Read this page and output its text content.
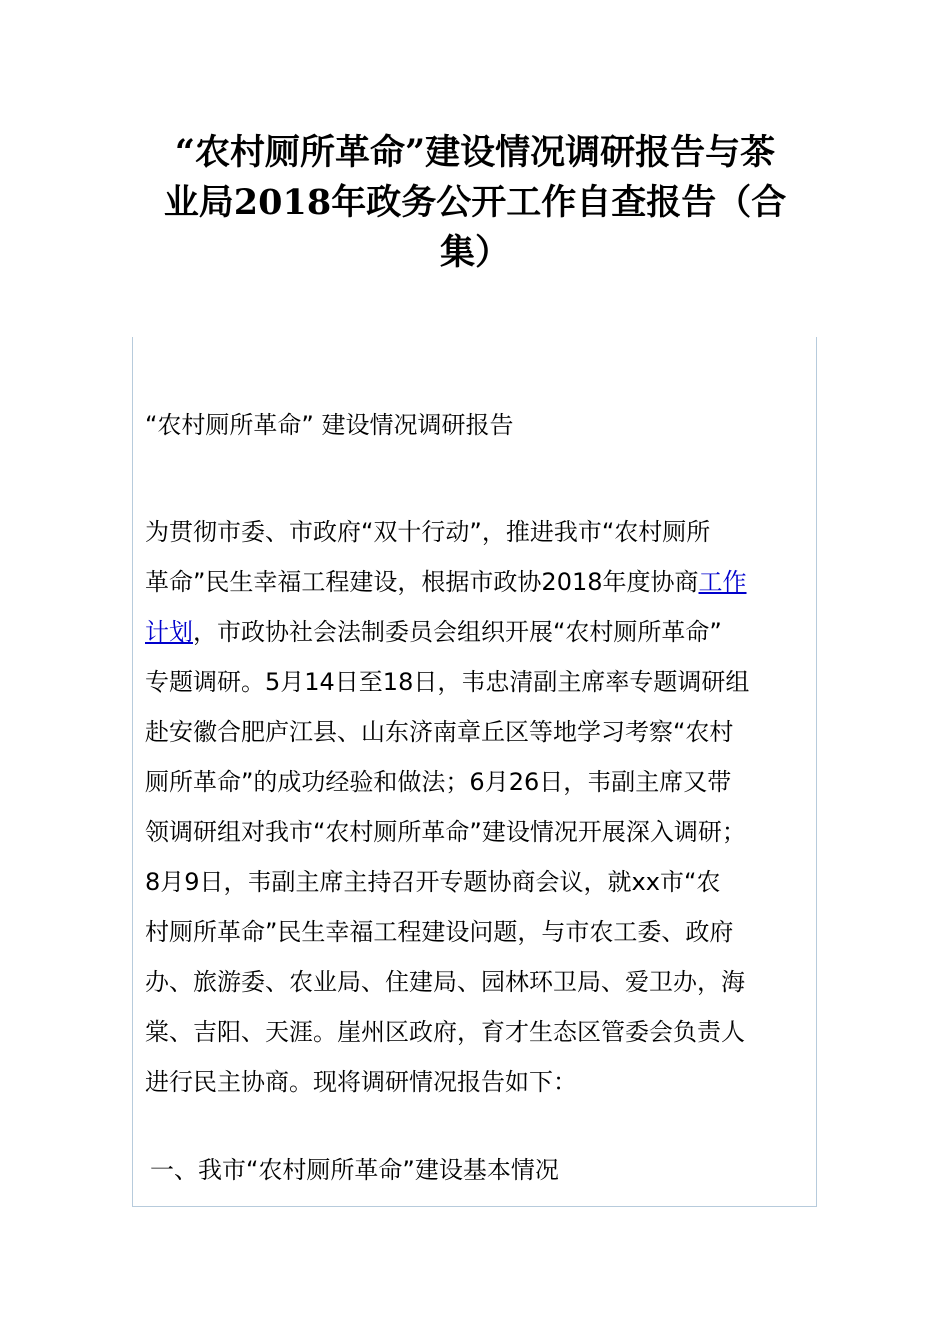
“农村厕所革命”建设情况调研报告与茶
业局2018年政务公开工作自查报告（合
集）
“农村厕所革命” 建设情况调研报告

为贯彻市委、市政府“双十行动”，推进我市“农村厕所
革命”民生幸福工程建设，根据市政协2018年度协商工作
计划，市政协社会法制委员会组织开展“农村厕所革命”
专题调研。5月14日至18日，韦忠清副主席率专题调研组
赴安徽合肥庐江县、山东济南章丘区等地学习考察“农村
厕所革命”的成功经验和做法；6月26日，韦副主席又带
领调研组对我市“农村厕所革命”建设情况开展深入调研；
8月9日，韦副主席主持召开专题协商会议，就xx市“农
村厕所革命”民生幸福工程建设问题，与市农工委、政府
办、旅游委、农业局、住建局、园林环卫局、爱卫办，海
棠、吉阳、天涯。崖州区政府，育才生态区管委会负责人
进行民主协商。现将调研情况报告如下：

一、我市“农村厕所革命”建设基本情况
